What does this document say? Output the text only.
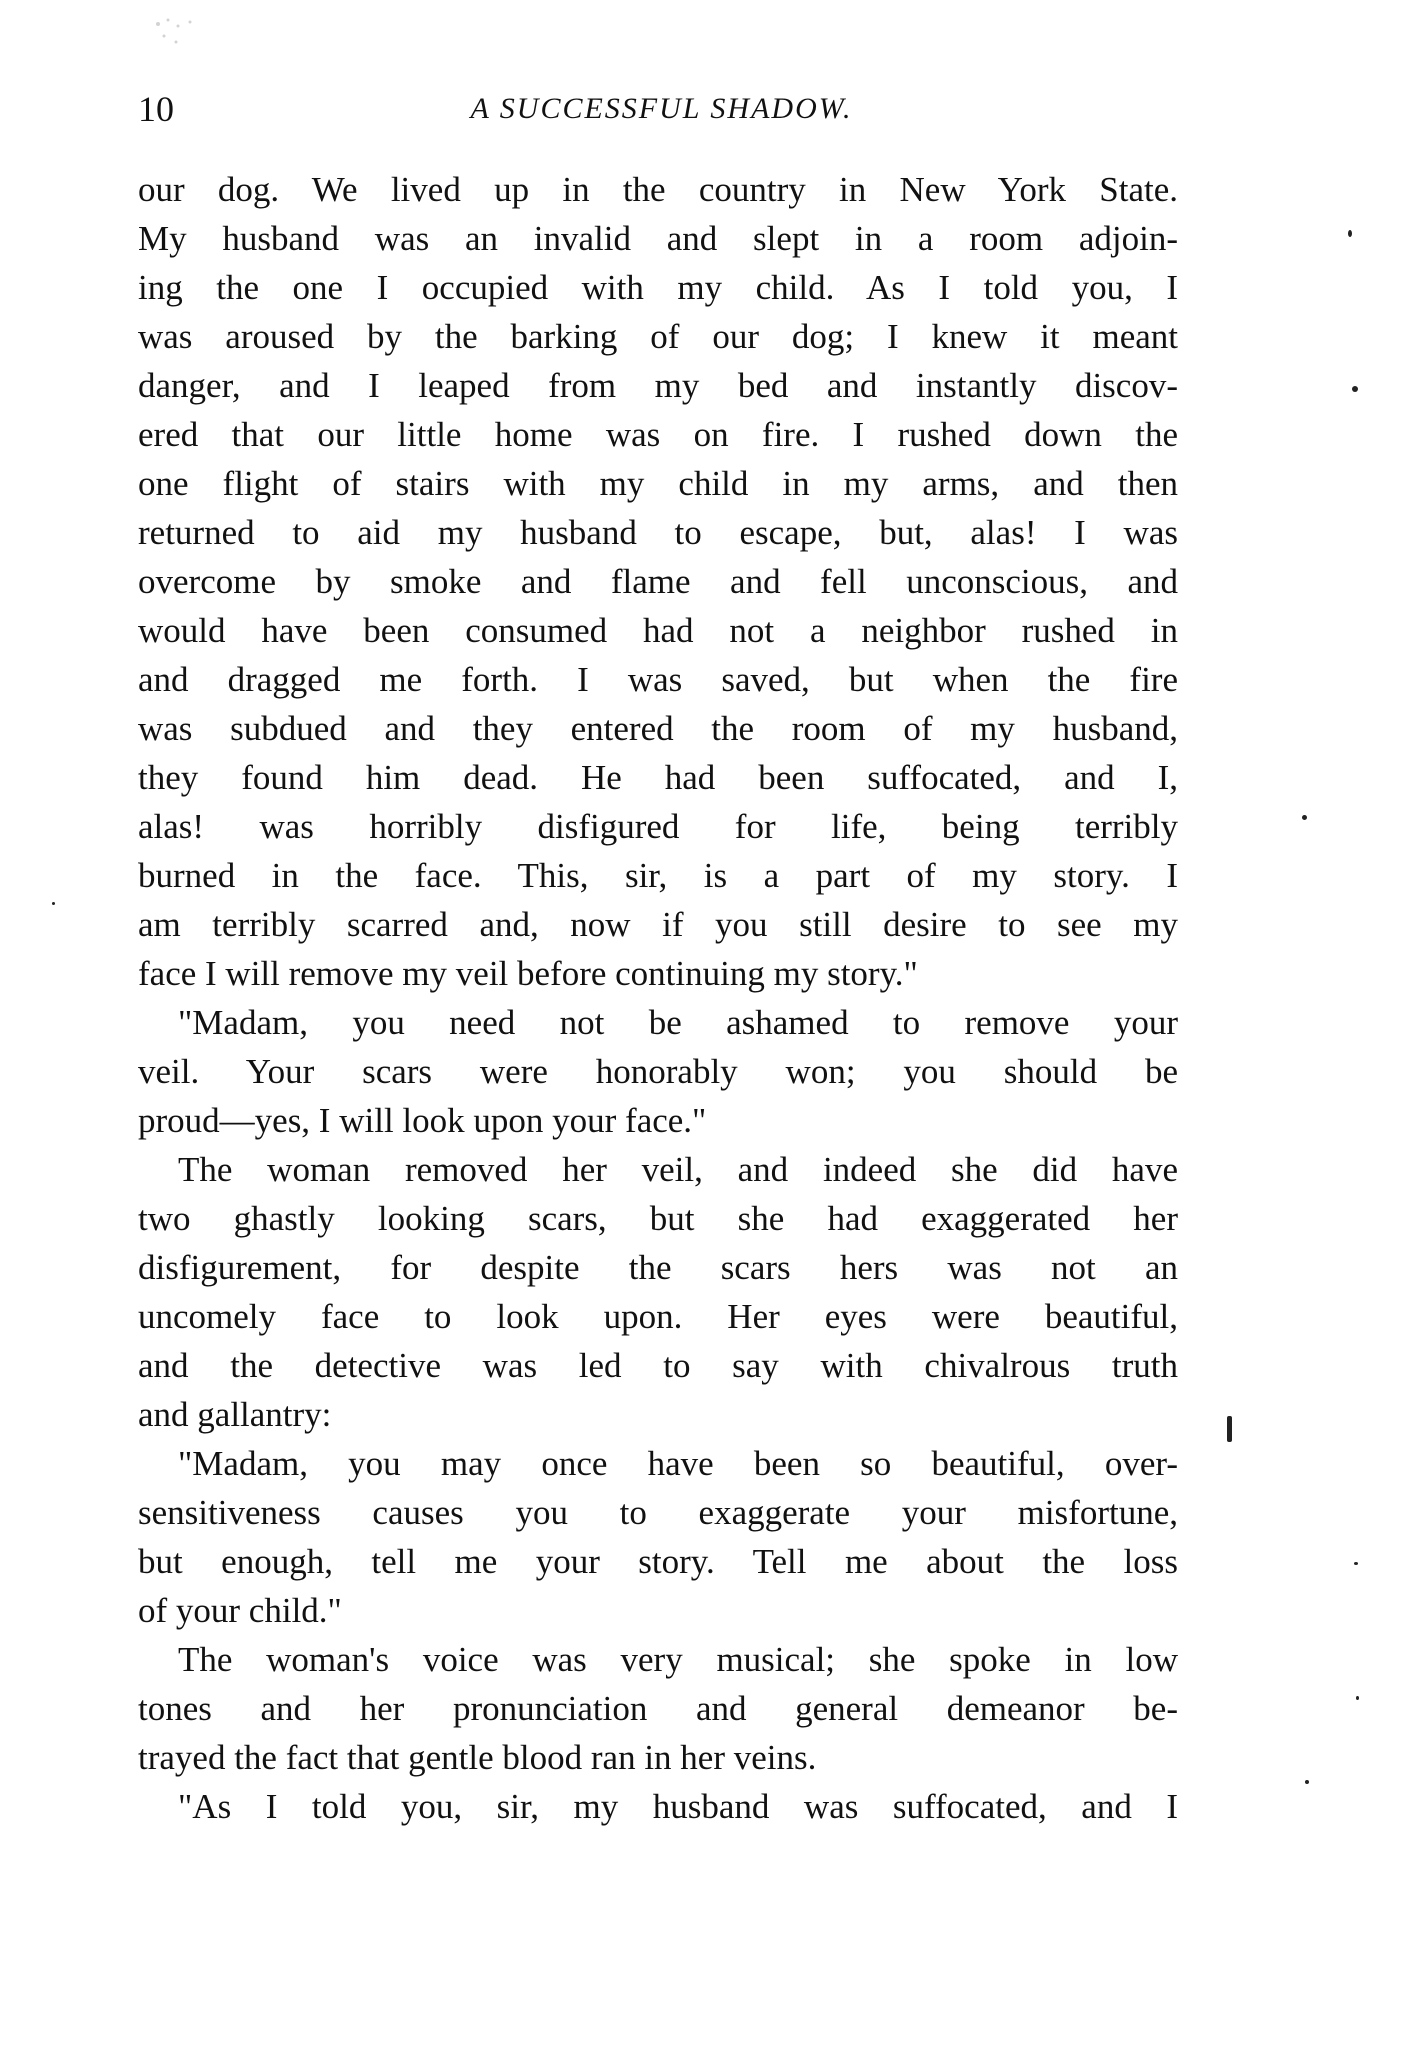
10	A SUCCESSFUL SHADOW.
our dog. We lived up in the country in New York State.
My husband was an invalid and slept in a room adjoin-
ing the one I occupied with my child. As I told you, I
was aroused by the barking of our dog; I knew it meant
danger, and I leaped from my bed and instantly discov-
ered that our little home was on fire. I rushed down the
one flight of stairs with my child in my arms, and then
returned to aid my husband to escape, but, alas! I was
overcome by smoke and flame and fell unconscious, and
would have been consumed had not a neighbor rushed in
and dragged me forth. I was saved, but when the fire
was subdued and they entered the room of my husband,
they found him dead. He had been suffocated, and I,
alas! was horribly disfigured for life, being terribly
burned in the face. This, sir, is a part of my story. I
am terribly scarred and, now if you still desire to see my
face I will remove my veil before continuing my story."
"Madam, you need not be ashamed to remove your
veil. Your scars were honorably won; you should be
proud—yes, I will look upon your face."
The woman removed her veil, and indeed she did have
two ghastly looking scars, but she had exaggerated her
disfigurement, for despite the scars hers was not an
uncomely face to look upon. Her eyes were beautiful,
and the detective was led to say with chivalrous truth
and gallantry:
"Madam, you may once have been so beautiful, over-
sensitiveness causes you to exaggerate your misfortune,
but enough, tell me your story. Tell me about the loss
of your child."
The woman's voice was very musical; she spoke in low
tones and her pronunciation and general demeanor be-
trayed the fact that gentle blood ran in her veins.
"As I told you, sir, my husband was suffocated, and I
